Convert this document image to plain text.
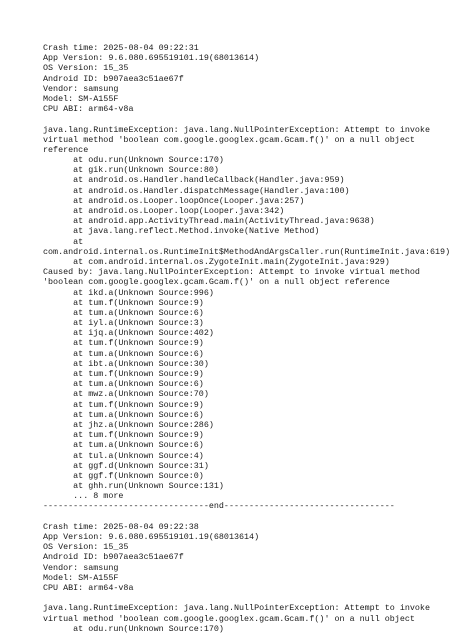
Crash time: 2025-08-04 09:22:31
App Version: 9.6.080.695519101.19(68013614)
OS Version: 15_35
Android ID: b907aea3c51ae67f
Vendor: samsung
Model: SM-A155F
CPU ABI: arm64-v8a
java.lang.RuntimeException: java.lang.NullPointerException: Attempt to invoke
virtual method 'boolean com.google.googlex.gcam.Gcam.f()' on a null object
reference
at odu.run(Unknown Source:170)
at gik.run(Unknown Source:80)
at android.os.Handler.handleCallback(Handler.java:959)
at android.os.Handler.dispatchMessage(Handler.java:100)
at android.os.Looper.loopOnce(Looper.java:257)
at android.os.Looper.loop(Looper.java:342)
at android.app.ActivityThread.main(ActivityThread.java:9638)
at java.lang.reflect.Method.invoke(Native Method)
at
com.android.internal.os.RuntimeInit$MethodAndArgsCaller.run(RuntimeInit.java:619)
at com.android.internal.os.ZygoteInit.main(ZygoteInit.java:929)
Caused by: java.lang.NullPointerException: Attempt to invoke virtual method
'boolean com.google.googlex.gcam.Gcam.f()' on a null object reference
at ikd.a(Unknown Source:996)
at tum.f(Unknown Source:9)
at tum.a(Unknown Source:6)
at iyl.a(Unknown Source:3)
at ijq.a(Unknown Source:402)
at tum.f(Unknown Source:9)
at tum.a(Unknown Source:6)
at ibt.a(Unknown Source:30)
at tum.f(Unknown Source:9)
at tum.a(Unknown Source:6)
at mwz.a(Unknown Source:70)
at tum.f(Unknown Source:9)
at tum.a(Unknown Source:6)
at jhz.a(Unknown Source:286)
at tum.f(Unknown Source:9)
at tum.a(Unknown Source:6)
at tul.a(Unknown Source:4)
at ggf.d(Unknown Source:31)
at ggf.f(Unknown Source:0)
at ghh.run(Unknown Source:131)
... 8 more
---------------------------------end----------------------------------
Crash time: 2025-08-04 09:22:38
App Version: 9.6.080.695519101.19(68013614)
OS Version: 15_35
Android ID: b907aea3c51ae67f
Vendor: samsung
Model: SM-A155F
CPU ABI: arm64-v8a
java.lang.RuntimeException: java.lang.NullPointerException: Attempt to invoke
virtual method 'boolean com.google.googlex.gcam.Gcam.f()' on a null object
at odu.run(Unknown Source:170)
